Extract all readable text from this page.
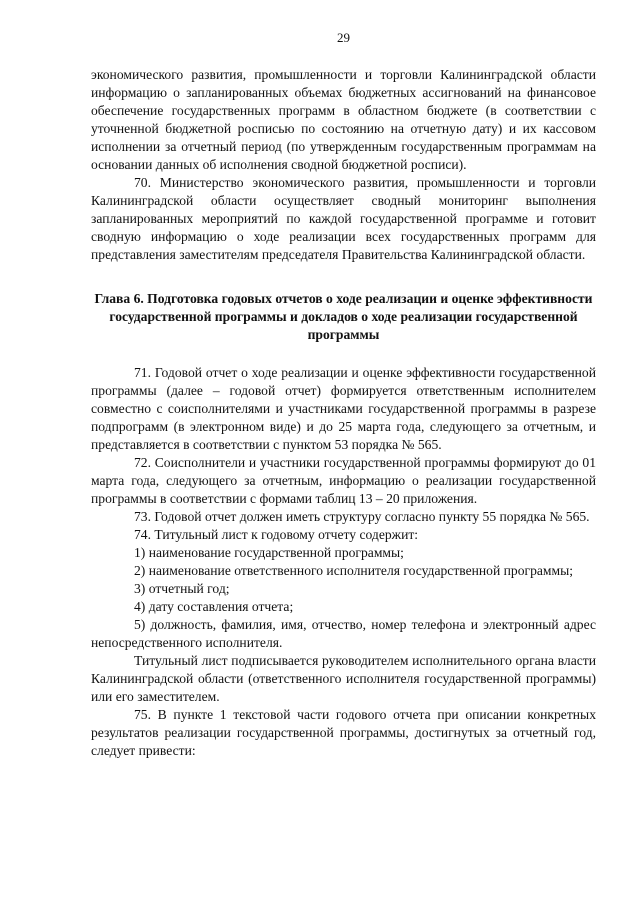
29

экономического развития, промышленности и торговли Калининградской области информацию о запланированных объемах бюджетных ассигнований на финансовое обеспечение государственных программ в областном бюджете (в соответствии с уточненной бюджетной росписью по состоянию на отчетную дату) и их кассовом исполнении за отчетный период (по утвержденным государственным программам на основании данных об исполнения сводной бюджетной росписи).

70. Министерство экономического развития, промышленности и торговли Калининградской области осуществляет сводный мониторинг выполнения запланированных мероприятий по каждой государственной программе и готовит сводную информацию о ходе реализации всех государственных программ для представления заместителям председателя Правительства Калининградской области.

Глава 6. Подготовка годовых отчетов о ходе реализации и оценке эффективности государственной программы и докладов о ходе реализации государственной программы

71. Годовой отчет о ходе реализации и оценке эффективности государственной программы (далее – годовой отчет) формируется ответственным исполнителем совместно с соисполнителями и участниками государственной программы в разрезе подпрограмм (в электронном виде) и до 25 марта года, следующего за отчетным, и представляется в соответствии с пунктом 53 порядка № 565.

72. Соисполнители и участники государственной программы формируют до 01 марта года, следующего за отчетным, информацию о реализации государственной программы в соответствии с формами таблиц 13 – 20 приложения.

73. Годовой отчет должен иметь структуру согласно пункту 55 порядка № 565.

74. Титульный лист к годовому отчету содержит:

1) наименование государственной программы;

2) наименование ответственного исполнителя государственной программы;

3) отчетный год;

4) дату составления отчета;

5) должность, фамилия, имя, отчество, номер телефона и электронный адрес непосредственного исполнителя.

Титульный лист подписывается руководителем исполнительного органа власти Калининградской области (ответственного исполнителя государственной программы) или его заместителем.

75. В пункте 1 текстовой части годового отчета при описании конкретных результатов реализации государственной программы, достигнутых за отчетный год, следует привести:
